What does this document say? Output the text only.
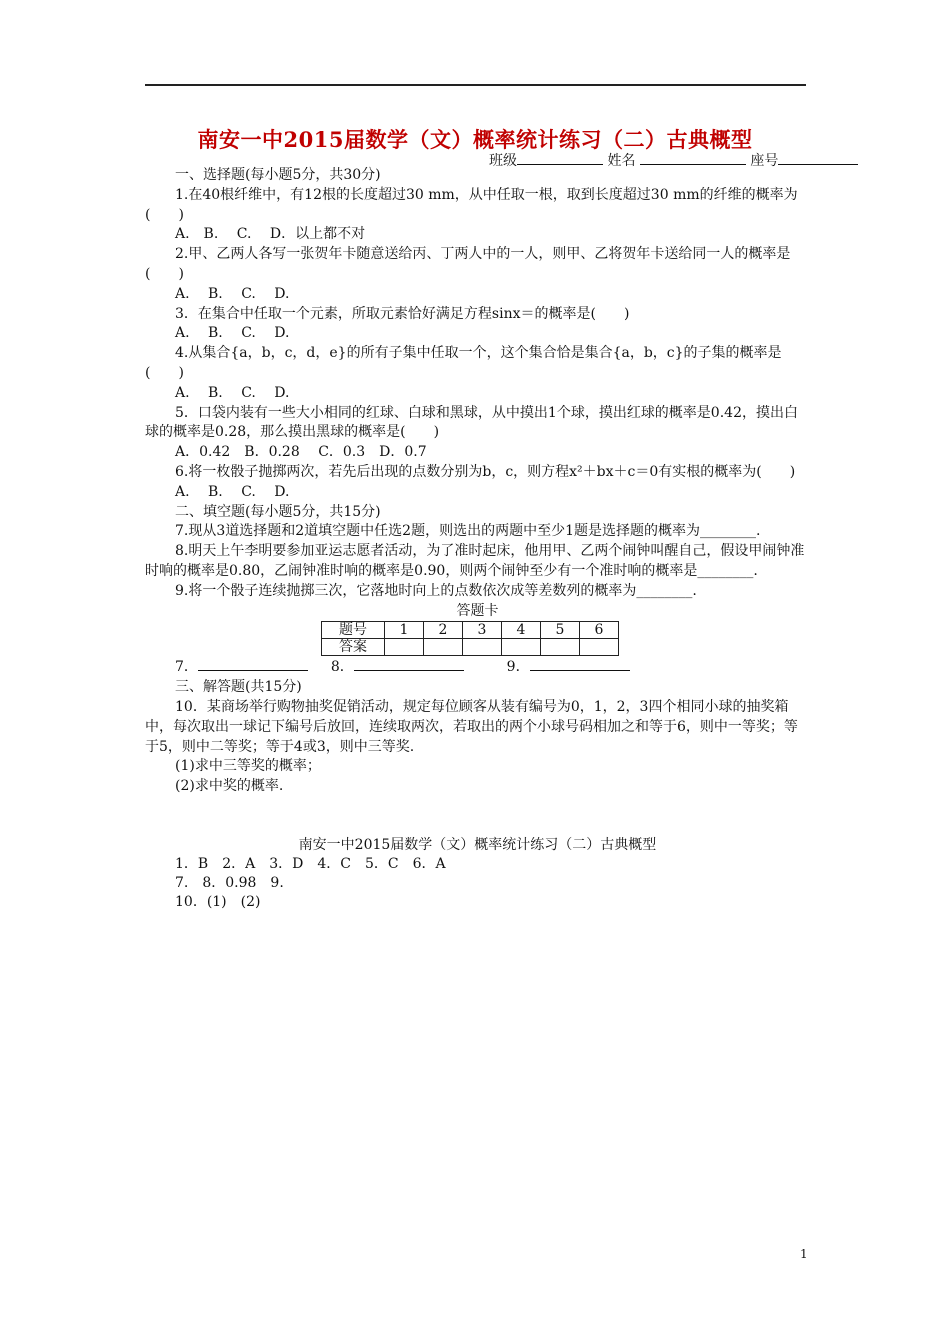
南安一中2015届数学（文）概率统计练习（二）古典概型
班级	姓名	座号

一、选择题(每小题5分，共30分)

1.在40根纤维中，有12根的长度超过30 mm，从中任取一根，取到长度超过30 mm的纤维的概率为(　　)

A.　B.　 C.　 D．以上都不对

2.甲、乙两人各写一张贺年卡随意送给丙、丁两人中的一人，则甲、乙将贺年卡送给同一人的概率是(　　)

A.　 B.　 C.　 D.

3．在集合中任取一个元素，所取元素恰好满足方程sinx＝的概率是(　　)

A.　 B.　 C.　 D.

4.从集合{a，b，c，d，e}的所有子集中任取一个，这个集合恰是集合{a，b，c}的子集的概率是(　　)

A.　 B.　 C.　 D.

5．口袋内装有一些大小相同的红球、白球和黑球，从中摸出1个球，摸出红球的概率是0.42，摸出白球的概率是0.28，那么摸出黑球的概率是(　　)

A．0.42　B．0.28　 C．0.3　D．0.7

6.将一枚骰子抛掷两次，若先后出现的点数分别为b，c，则方程x²＋bx＋c＝0有实根的概率为(　　)

A.　 B.　 C.　 D.

二、填空题(每小题5分，共15分)

7.现从3道选择题和2道填空题中任选2题，则选出的两题中至少1题是选择题的概率为________.

8.明天上午李明要参加亚运志愿者活动，为了准时起床，他用甲、乙两个闹钟叫醒自己，假设甲闹钟准时响的概率是0.80，乙闹钟准时响的概率是0.90，则两个闹钟至少有一个准时响的概率是________.

9.将一个骰子连续抛掷三次，它落地时向上的点数依次成等差数列的概率为________.

答题卡
题号	1	2	3	4	5	6
答案						

7．	8．	9．

三、解答题(共15分)

10．某商场举行购物抽奖促销活动，规定每位顾客从装有编号为0，1，2，3四个相同小球的抽奖箱中，每次取出一球记下编号后放回，连续取两次，若取出的两个小球号码相加之和等于6，则中一等奖；等于5，则中二等奖；等于4或3，则中三等奖.

(1)求中三等奖的概率；

(2)求中奖的概率.

南安一中2015届数学（文）概率统计练习（二）古典概型

1．B　2．A　3．D　4．C　5．C　6．A

7.　8．0.98　9.

10．(1)　(2)

1
